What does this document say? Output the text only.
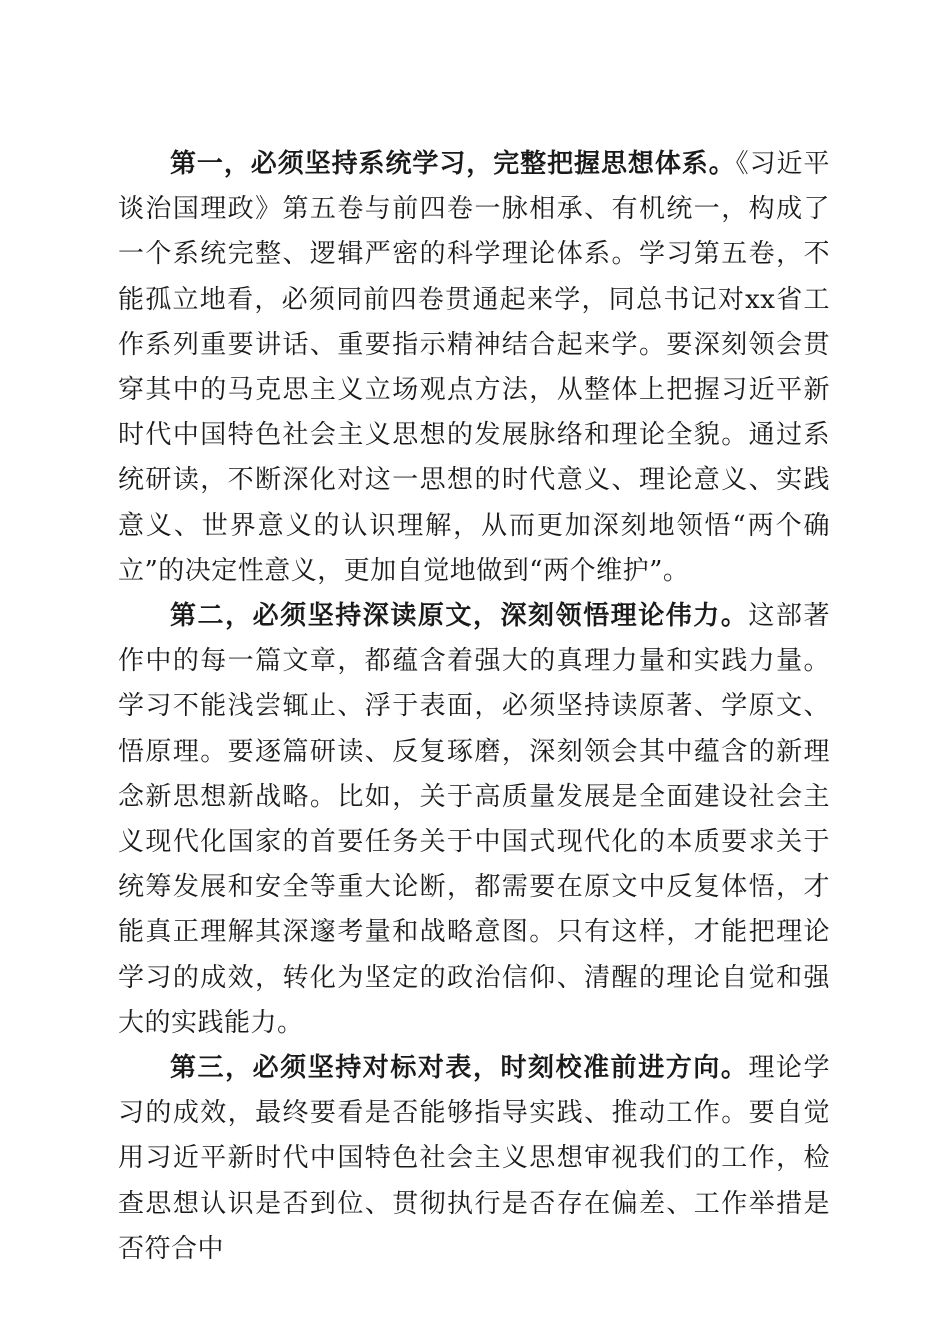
第一，必须坚持系统学习，完整把握思想体系。《习近平谈治国理政》第五卷与前四卷一脉相承、有机统一，构成了一个系统完整、逻辑严密的科学理论体系。学习第五卷，不能孤立地看，必须同前四卷贯通起来学，同总书记对xx省工作系列重要讲话、重要指示精神结合起来学。要深刻领会贯穿其中的马克思主义立场观点方法，从整体上把握习近平新时代中国特色社会主义思想的发展脉络和理论全貌。通过系统研读，不断深化对这一思想的时代意义、理论意义、实践意义、世界意义的认识理解，从而更加深刻地领悟“两个确立”的决定性意义，更加自觉地做到“两个维护”。

第二，必须坚持深读原文，深刻领悟理论伟力。这部著作中的每一篇文章，都蕴含着强大的真理力量和实践力量。学习不能浅尝辄止、浮于表面，必须坚持读原著、学原文、悟原理。要逐篇研读、反复琢磨，深刻领会其中蕴含的新理念新思想新战略。比如，关于高质量发展是全面建设社会主义现代化国家的首要任务关于中国式现代化的本质要求关于统筹发展和安全等重大论断，都需要在原文中反复体悟，才能真正理解其深邃考量和战略意图。只有这样，才能把理论学习的成效，转化为坚定的政治信仰、清醒的理论自觉和强大的实践能力。

第三，必须坚持对标对表，时刻校准前进方向。理论学习的成效，最终要看是否能够指导实践、推动工作。要自觉用习近平新时代中国特色社会主义思想审视我们的工作，检查思想认识是否到位、贯彻执行是否存在偏差、工作举措是否符合中
